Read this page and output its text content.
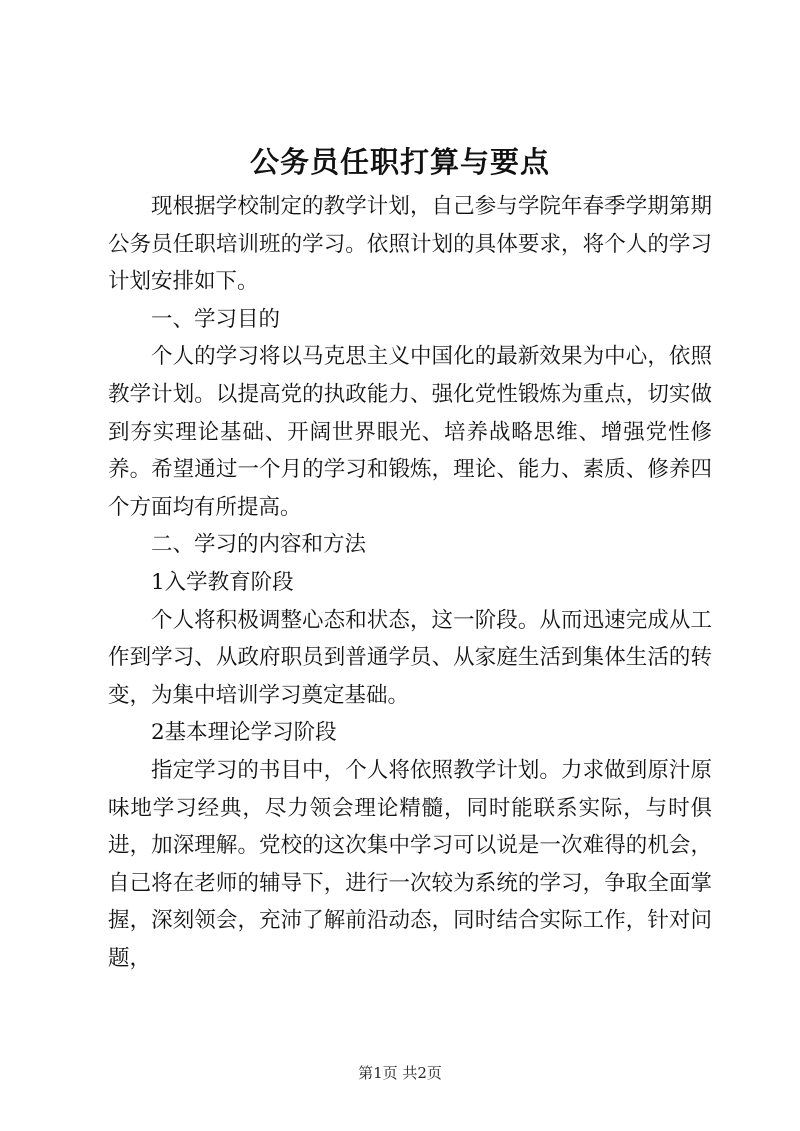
公务员任职打算与要点

现根据学校制定的教学计划，自己参与学院年春季学期第期公务员任职培训班的学习。依照计划的具体要求，将个人的学习计划安排如下。

一、学习目的

个人的学习将以马克思主义中国化的最新效果为中心，依照教学计划。以提高党的执政能力、强化党性锻炼为重点，切实做到夯实理论基础、开阔世界眼光、培养战略思维、增强党性修养。希望通过一个月的学习和锻炼，理论、能力、素质、修养四个方面均有所提高。

二、学习的内容和方法

1入学教育阶段

个人将积极调整心态和状态，这一阶段。从而迅速完成从工作到学习、从政府职员到普通学员、从家庭生活到集体生活的转变，为集中培训学习奠定基础。

2基本理论学习阶段

指定学习的书目中，个人将依照教学计划。力求做到原汁原味地学习经典，尽力领会理论精髓，同时能联系实际，与时俱进，加深理解。党校的这次集中学习可以说是一次难得的机会，自己将在老师的辅导下，进行一次较为系统的学习，争取全面掌握，深刻领会，充沛了解前沿动态，同时结合实际工作，针对问题，

第1页 共2页
